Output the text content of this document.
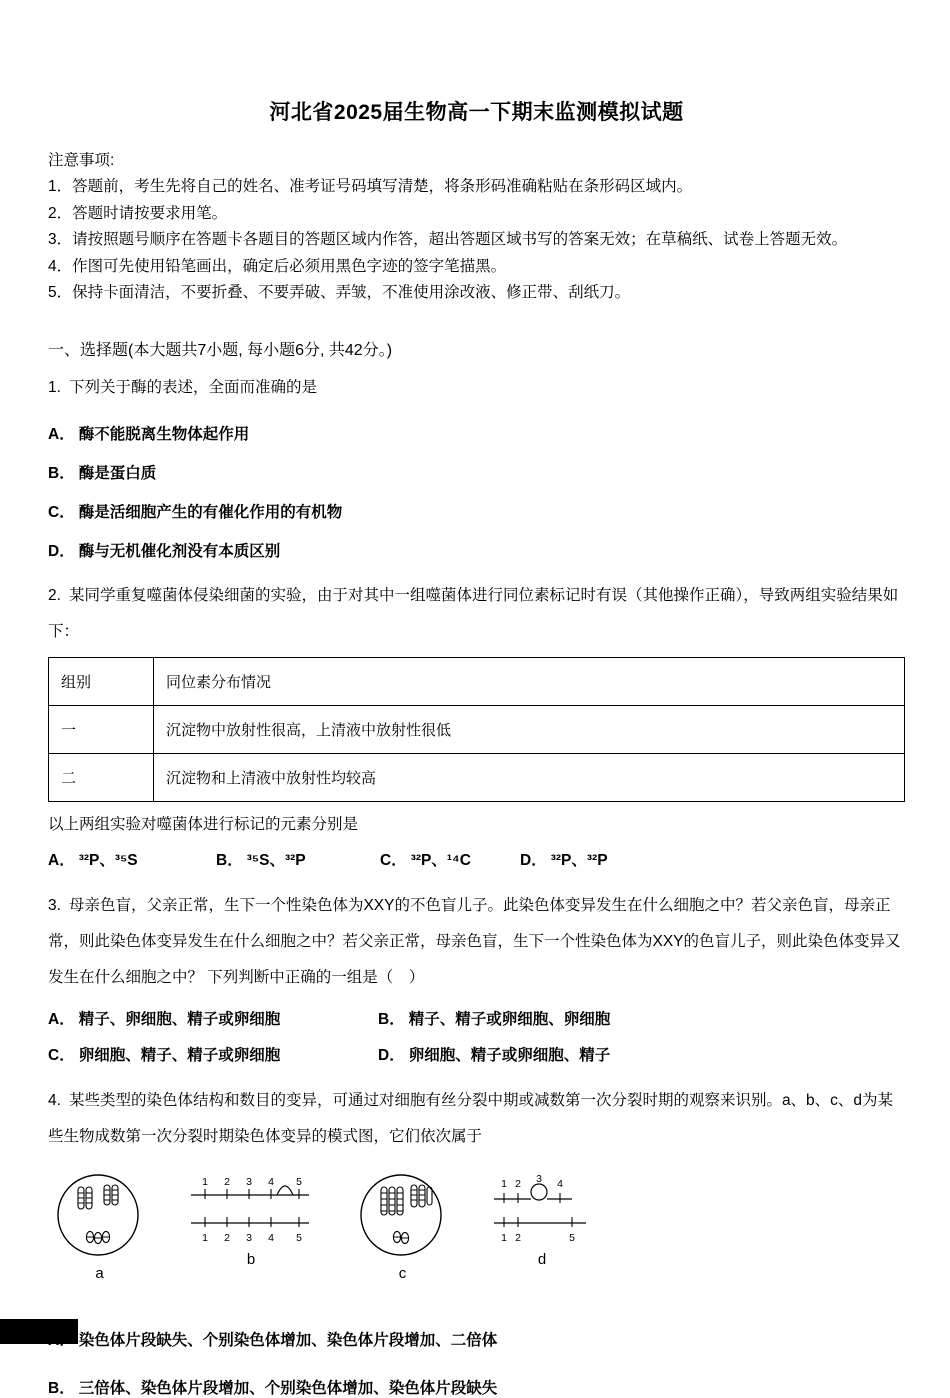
河北省2025届生物高一下期末监测模拟试题
注意事项:
1．答题前，考生先将自己的姓名、准考证号码填写清楚，将条形码准确粘贴在条形码区域内。
2．答题时请按要求用笔。
3．请按照题号顺序在答题卡各题目的答题区域内作答，超出答题区域书写的答案无效；在草稿纸、试卷上答题无效。
4．作图可先使用铅笔画出，确定后必须用黑色字迹的签字笔描黑。
5．保持卡面清洁，不要折叠、不要弄破、弄皱，不准使用涂改液、修正带、刮纸刀。
一、选择题(本大题共7小题, 每小题6分, 共42分。)
1. 下列关于酶的表述，全面而准确的是
A． 酶不能脱离生物体起作用
B． 酶是蛋白质
C． 酶是活细胞产生的有催化作用的有机物
D． 酶与无机催化剂没有本质区别
2. 某同学重复噬菌体侵染细菌的实验，由于对其中一组噬菌体进行同位素标记时有误（其他操作正确），导致两组实验结果如下：
组别	同位素分布情况
一	沉淀物中放射性很高，上清液中放射性很低
二	沉淀物和上清液中放射性均较高
以上两组实验对噬菌体进行标记的元素分别是
A． ³²P、³⁵S	B． ³⁵S、³²P	C． ³²P、¹⁴C	D． ³²P、³²P
3. 母亲色盲，父亲正常，生下一个性染色体为XXY的不色盲儿子。此染色体变异发生在什么细胞之中？若父亲色盲，母亲正常，则此染色体变异发生在什么细胞之中？若父亲正常，母亲色盲，生下一个性染色体为XXY的色盲儿子，则此染色体变异又发生在什么细胞之中？ 下列判断中正确的一组是（　）
A． 精子、卵细胞、精子或卵细胞	B． 精子、精子或卵细胞、卵细胞
C． 卵细胞、精子、精子或卵细胞	D． 卵细胞、精子或卵细胞、精子
4. 某些类型的染色体结构和数目的变异，可通过对细胞有丝分裂中期或减数第一次分裂时期的观察来识别。a、b、c、d为某些生物成数第一次分裂时期染色体变异的模式图，它们依次属于
a
1 2 3 4 5
1 2 3 4 5
b
c
1 2 3 4
1 2	5
d
染色体片段缺失、个别染色体增加、染色体片段增加、二倍体
B． 三倍体、染色体片段增加、个别染色体增加、染色体片段缺失
